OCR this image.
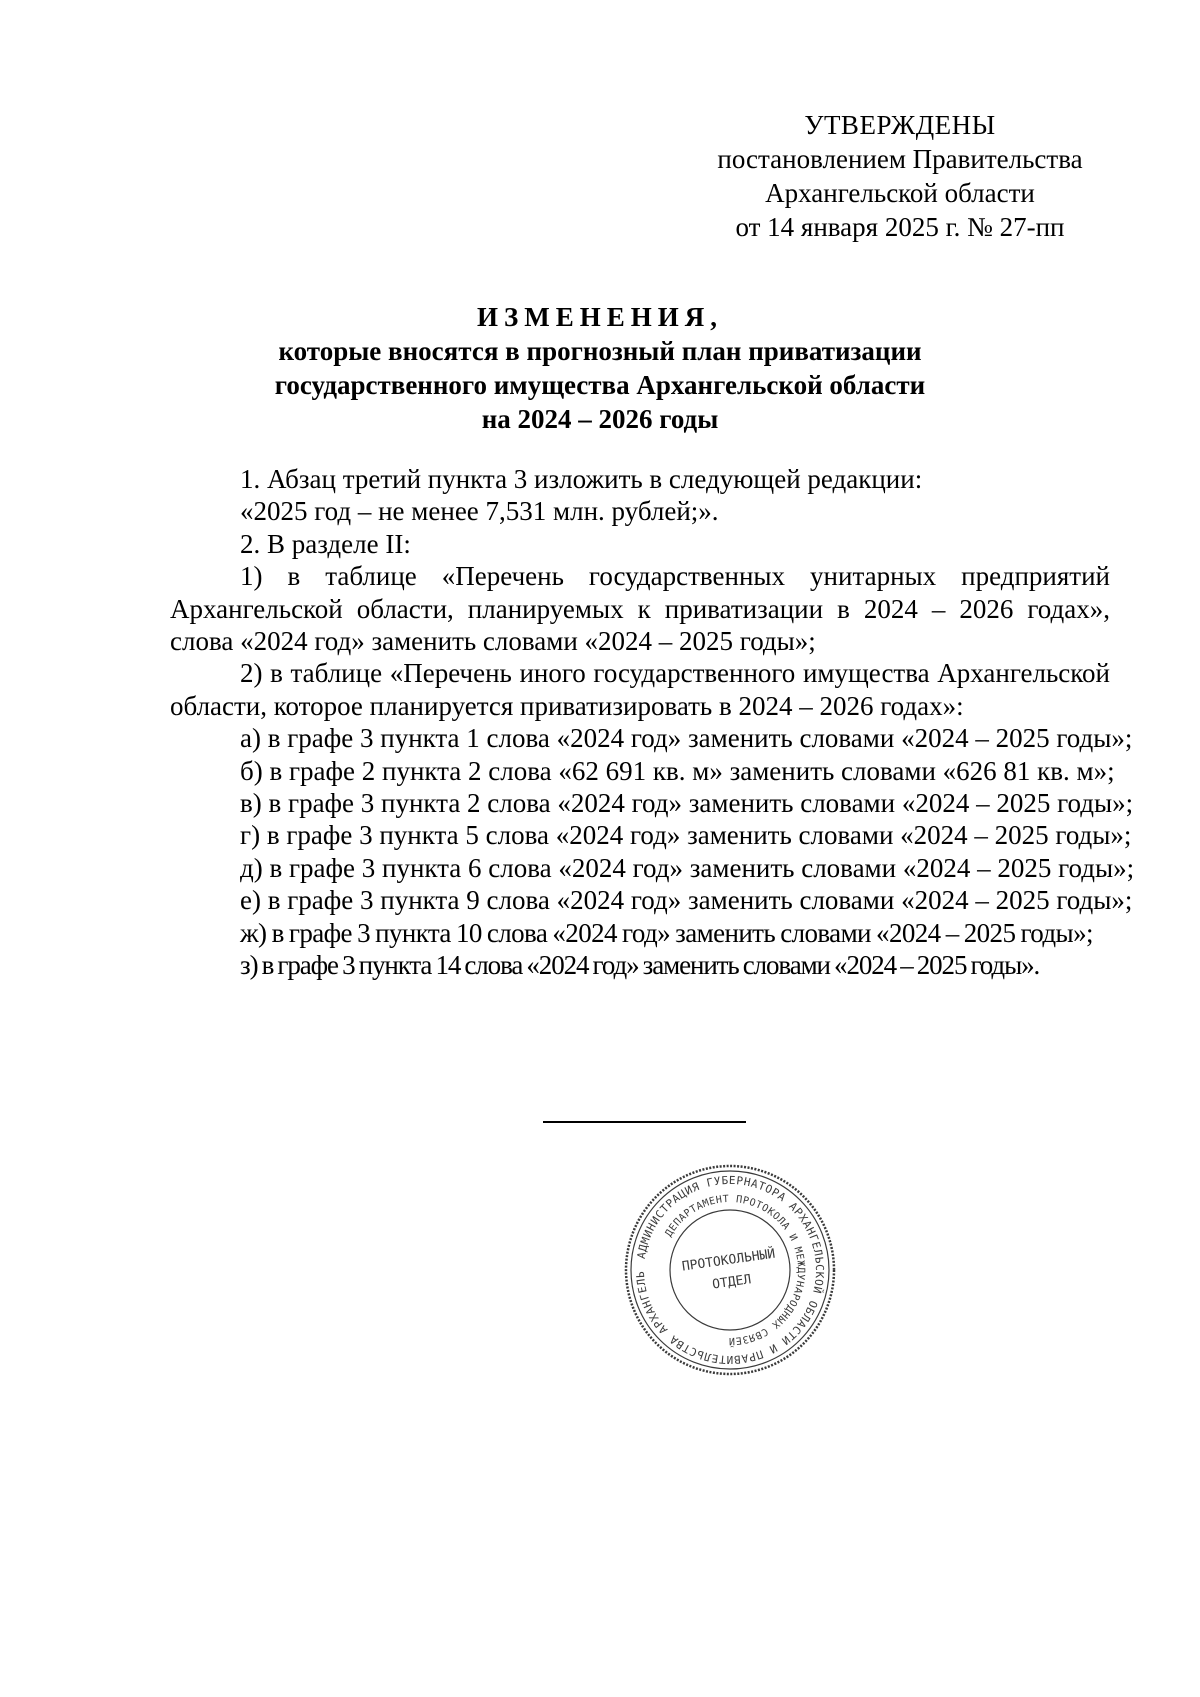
УТВЕРЖДЕНЫ
постановлением Правительства
Архангельской области
от 14 января 2025 г. № 27-пп
ИЗМЕНЕНИЯ,
которые вносятся в прогнозный план приватизации
государственного имущества Архангельской области
на 2024 – 2026 годы

1. Абзац третий пункта 3 изложить в следующей редакции:

«2025 год – не менее 7,531 млн. рублей;».

2. В разделе II:

1) в таблице «Перечень государственных унитарных предприятий Архангельской области, планируемых к приватизации в 2024 – 2026 годах», слова «2024 год» заменить словами «2024 – 2025 годы»;

2) в таблице «Перечень иного государственного имущества Архангельской области, которое планируется приватизировать в 2024 – 2026 годах»:

а) в графе 3 пункта 1 слова «2024 год» заменить словами «2024 – 2025 годы»;

б) в графе 2 пункта 2 слова «62 691 кв. м» заменить словами «626 81 кв. м»;

в) в графе 3 пункта 2 слова «2024 год» заменить словами «2024 – 2025 годы»;

г) в графе 3 пункта 5 слова «2024 год» заменить словами «2024 – 2025 годы»;

д) в графе 3 пункта 6 слова «2024 год» заменить словами «2024 – 2025 годы»;

е) в графе 3 пункта 9 слова «2024 год» заменить словами «2024 – 2025 годы»;

ж) в графе 3 пункта 10 слова «2024 год» заменить словами «2024 – 2025 годы»;

з) в графе 3 пункта 14 слова «2024 год» заменить словами «2024 – 2025 годы».

АДМИНИСТРАЦИЯ ГУБЕРНАТОРА АРХАНГЕЛЬСКОЙ ОБЛАСТИ И ПРАВИТЕЛЬСТВА АРХАНГЕЛЬ
ДЕПАРТАМЕНТ ПРОТОКОЛА И МЕЖДУНАРОДНЫХ СВЯЗЕЙ
ПРОТОКОЛЬНЫЙ
ОТДЕЛ
